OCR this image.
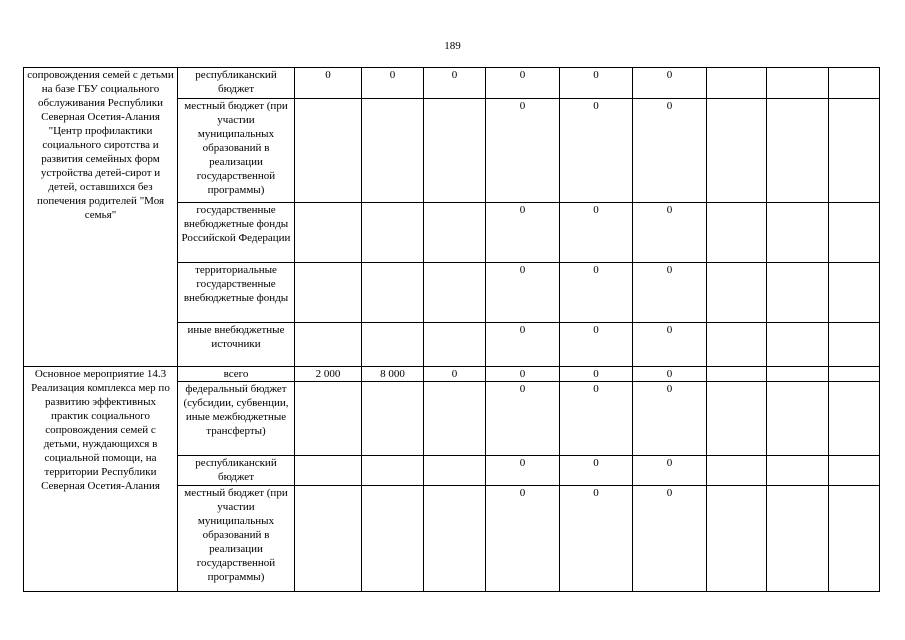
189
сопровождения семей с детьми на базе ГБУ социального обслуживания Республики Северная Осетия-Алания "Центр профилактики социального сиротства и развития семейных форм устройства детей-сирот и детей, оставшихся без попечения родителей "Моя семья"	республиканский бюджет	0	0	0	0	0	0			
	местный бюджет (при участии муниципальных образований в реализации государственной программы)				0	0	0			
	государственные внебюджетные фонды Российской Федерации				0	0	0			
	территориальные государственные внебюджетные фонды				0	0	0			
	иные внебюджетные источники				0	0	0			
Основное мероприятие 14.3 Реализация комплекса мер по развитию эффективных практик социального сопровождения семей с детьми, нуждающихся в социальной помощи, на территории Республики Северная Осетия-Алания	всего	2 000	8 000	0	0	0	0			
	федеральный бюджет (субсидии, субвенции, иные межбюджетные трансферты)				0	0	0			
	республиканский бюджет				0	0	0			
	местный бюджет (при участии муниципальных образований в реализации государственной программы)				0	0	0			
